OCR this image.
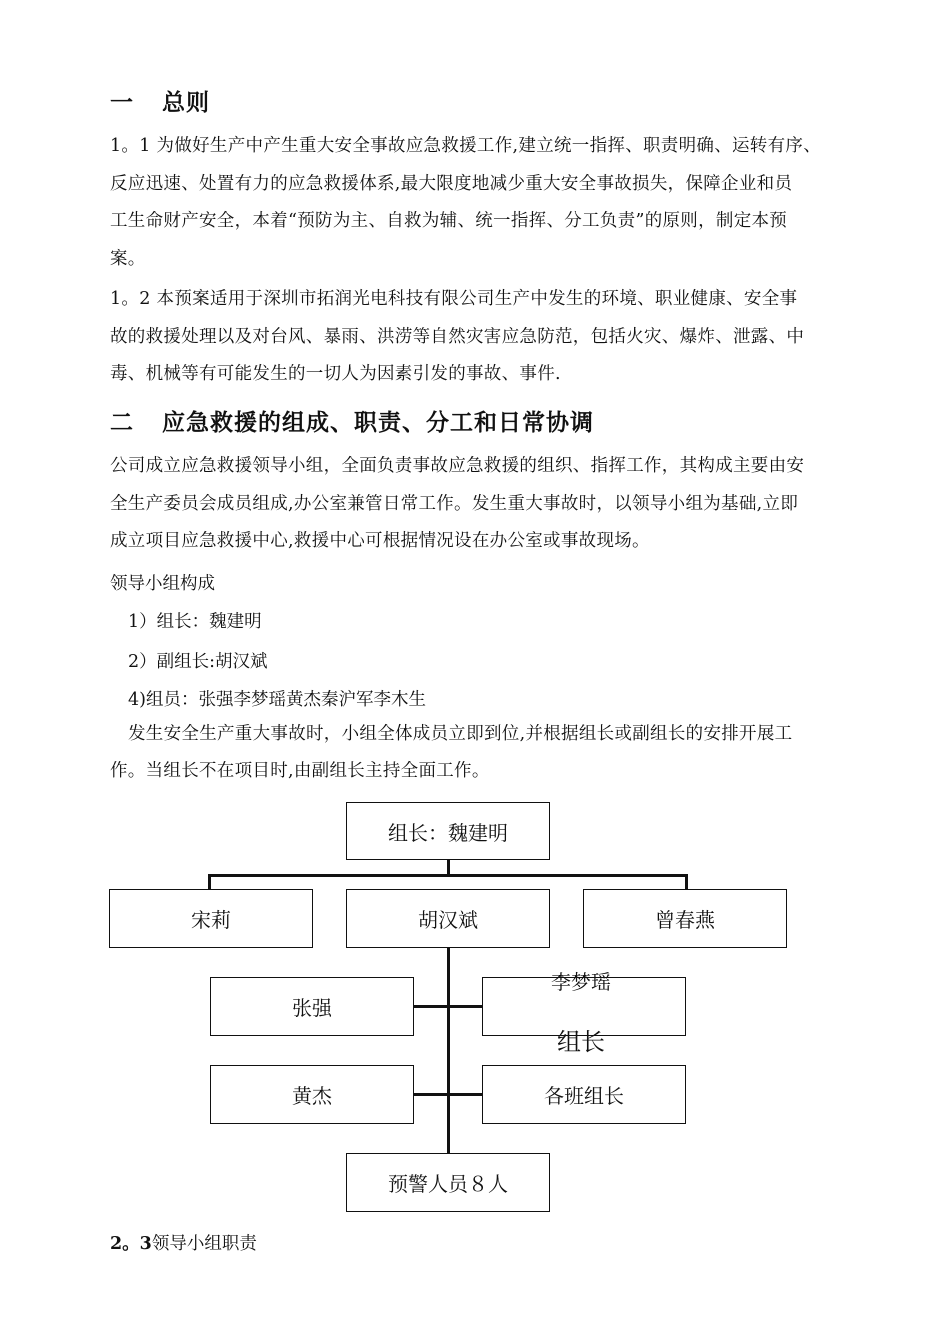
一 总则
1。1 为做好生产中产生重大安全事故应急救援工作,建立统一指挥、职责明确、运转有序、
反应迅速、处置有力的应急救援体系,最大限度地减少重大安全事故损失，保障企业和员
工生命财产安全，本着“预防为主、自救为辅、统一指挥、分工负责”的原则，制定本预
案。
1。2 本预案适用于深圳市拓润光电科技有限公司生产中发生的环境、职业健康、安全事
故的救援处理以及对台风、暴雨、洪涝等自然灾害应急防范，包括火灾、爆炸、泄露、中
毒、机械等有可能发生的一切人为因素引发的事故、事件.
二 应急救援的组成、职责、分工和日常协调
公司成立应急救援领导小组，全面负责事故应急救援的组织、指挥工作，其构成主要由安
全生产委员会成员组成,办公室兼管日常工作。发生重大事故时，以领导小组为基础,立即
成立项目应急救援中心,救援中心可根据情况设在办公室或事故现场。
领导小组构成
1）组长：魏建明
2）副组长:胡汉斌
4)组员：张强李梦瑶黄杰秦沪军李木生
发生安全生产重大事故时，小组全体成员立即到位,并根据组长或副组长的安排开展工
作。当组长不在项目时,由副组长主持全面工作。
组长：魏建明
宋莉	胡汉斌	曾春燕
张强
黄杰	各班组长
预警人员８人
李梦瑶
组长
2。3领导小组职责
